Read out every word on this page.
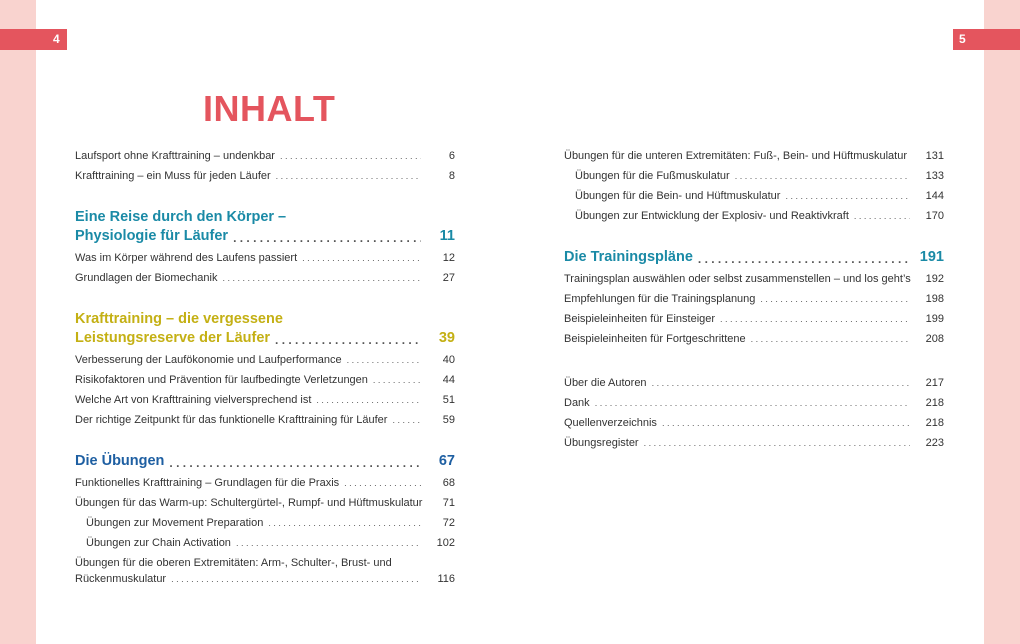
4	5
INHALT
Laufsport ohne Krafttraining – undenkbar . . .	6
Krafttraining – ein Muss für jeden Läufer . . .	8
Eine Reise durch den Körper –
Physiologie für Läufer . . .	11
Was im Körper während des Laufens passiert . . .	12
Grundlagen der Biomechanik . . .	27
Krafttraining – die vergessene
Leistungsreserve der Läufer . . .	39
Verbesserung der Laufökonomie und Laufperformance . . .	40
Risikofaktoren und Prävention für laufbedingte Verletzungen . . .	44
Welche Art von Krafttraining vielversprechend ist . . .	51
Der richtige Zeitpunkt für das funktionelle Krafttraining für Läufer . . .	59
Die Übungen . . .	67
Funktionelles Krafttraining – Grundlagen für die Praxis . . .	68
Übungen für das Warm-up: Schultergürtel-, Rumpf- und Hüftmuskulatur	71
Übungen zur Movement Preparation . . .	72
Übungen zur Chain Activation . . .	102
Übungen für die oberen Extremitäten: Arm-, Schulter-, Brust- und
Rückenmuskulatur . . .	116
Übungen für die unteren Extremitäten: Fuß-, Bein- und Hüftmuskulatur	131
Übungen für die Fußmuskulatur . . .	133
Übungen für die Bein- und Hüftmuskulatur . . .	144
Übungen zur Entwicklung der Explosiv- und Reaktivkraft . . .	170
Die Trainingspläne . . .	191
Trainingsplan auswählen oder selbst zusammenstellen – und los geht’s	192
Empfehlungen für die Trainingsplanung . . .	198
Beispieleinheiten für Einsteiger . . .	199
Beispieleinheiten für Fortgeschrittene . . .	208
Über die Autoren . . .	217
Dank . . .	218
Quellenverzeichnis . . .	218
Übungsregister . . .	223
